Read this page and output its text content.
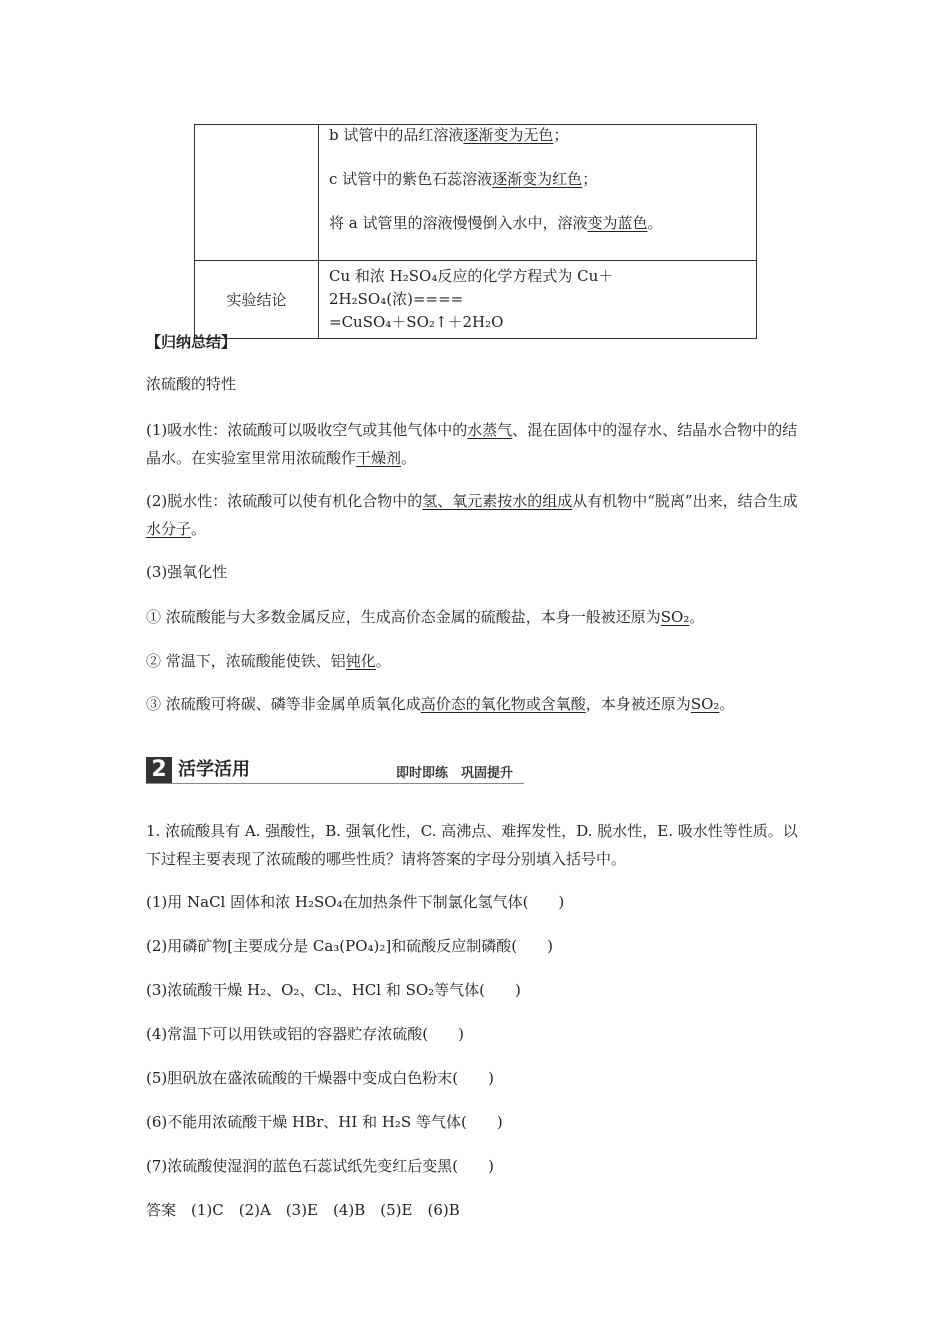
	b 试管中的品红溶液逐渐变为无色；
c 试管中的紫色石蕊溶液逐渐变为红色；
将 a 试管里的溶液慢慢倒入水中，溶液变为蓝色。

实验结论	Cu 和浓 H₂SO₄反应的化学方程式为 Cu＋2H₂SO₄(浓)====
=CuSO₄＋SO₂↑＋2H₂O
【归纳总结】
浓硫酸的特性
(1)吸水性：浓硫酸可以吸收空气或其他气体中的水蒸气、混在固体中的湿存水、结晶水合物中的结晶水。在实验室里常用浓硫酸作干燥剂。
(2)脱水性：浓硫酸可以使有机化合物中的氢、氧元素按水的组成从有机物中“脱离”出来，结合生成水分子。
(3)强氧化性
① 浓硫酸能与大多数金属反应，生成高价态金属的硫酸盐，本身一般被还原为SO₂。
② 常温下，浓硫酸能使铁、铝钝化。
③ 浓硫酸可将碳、磷等非金属单质氧化成高价态的氧化物或含氧酸，本身被还原为SO₂。
2 活学活用	即时即练　巩固提升
1. 浓硫酸具有 A. 强酸性，B. 强氧化性，C. 高沸点、难挥发性，D. 脱水性，E. 吸水性等性质。以下过程主要表现了浓硫酸的哪些性质？请将答案的字母分别填入括号中。
(1)用 NaCl 固体和浓 H₂SO₄在加热条件下制氯化氢气体(　　)
(2)用磷矿物[主要成分是 Ca₃(PO₄)₂]和硫酸反应制磷酸(　　)
(3)浓硫酸干燥 H₂、O₂、Cl₂、HCl 和 SO₂等气体(　　)
(4)常温下可以用铁或铝的容器贮存浓硫酸(　　)
(5)胆矾放在盛浓硫酸的干燥器中变成白色粉末(　　)
(6)不能用浓硫酸干燥 HBr、HI 和 H₂S 等气体(　　)
(7)浓硫酸使湿润的蓝色石蕊试纸先变红后变黑(　　)
答案　(1)C　(2)A　(3)E　(4)B　(5)E　(6)B
